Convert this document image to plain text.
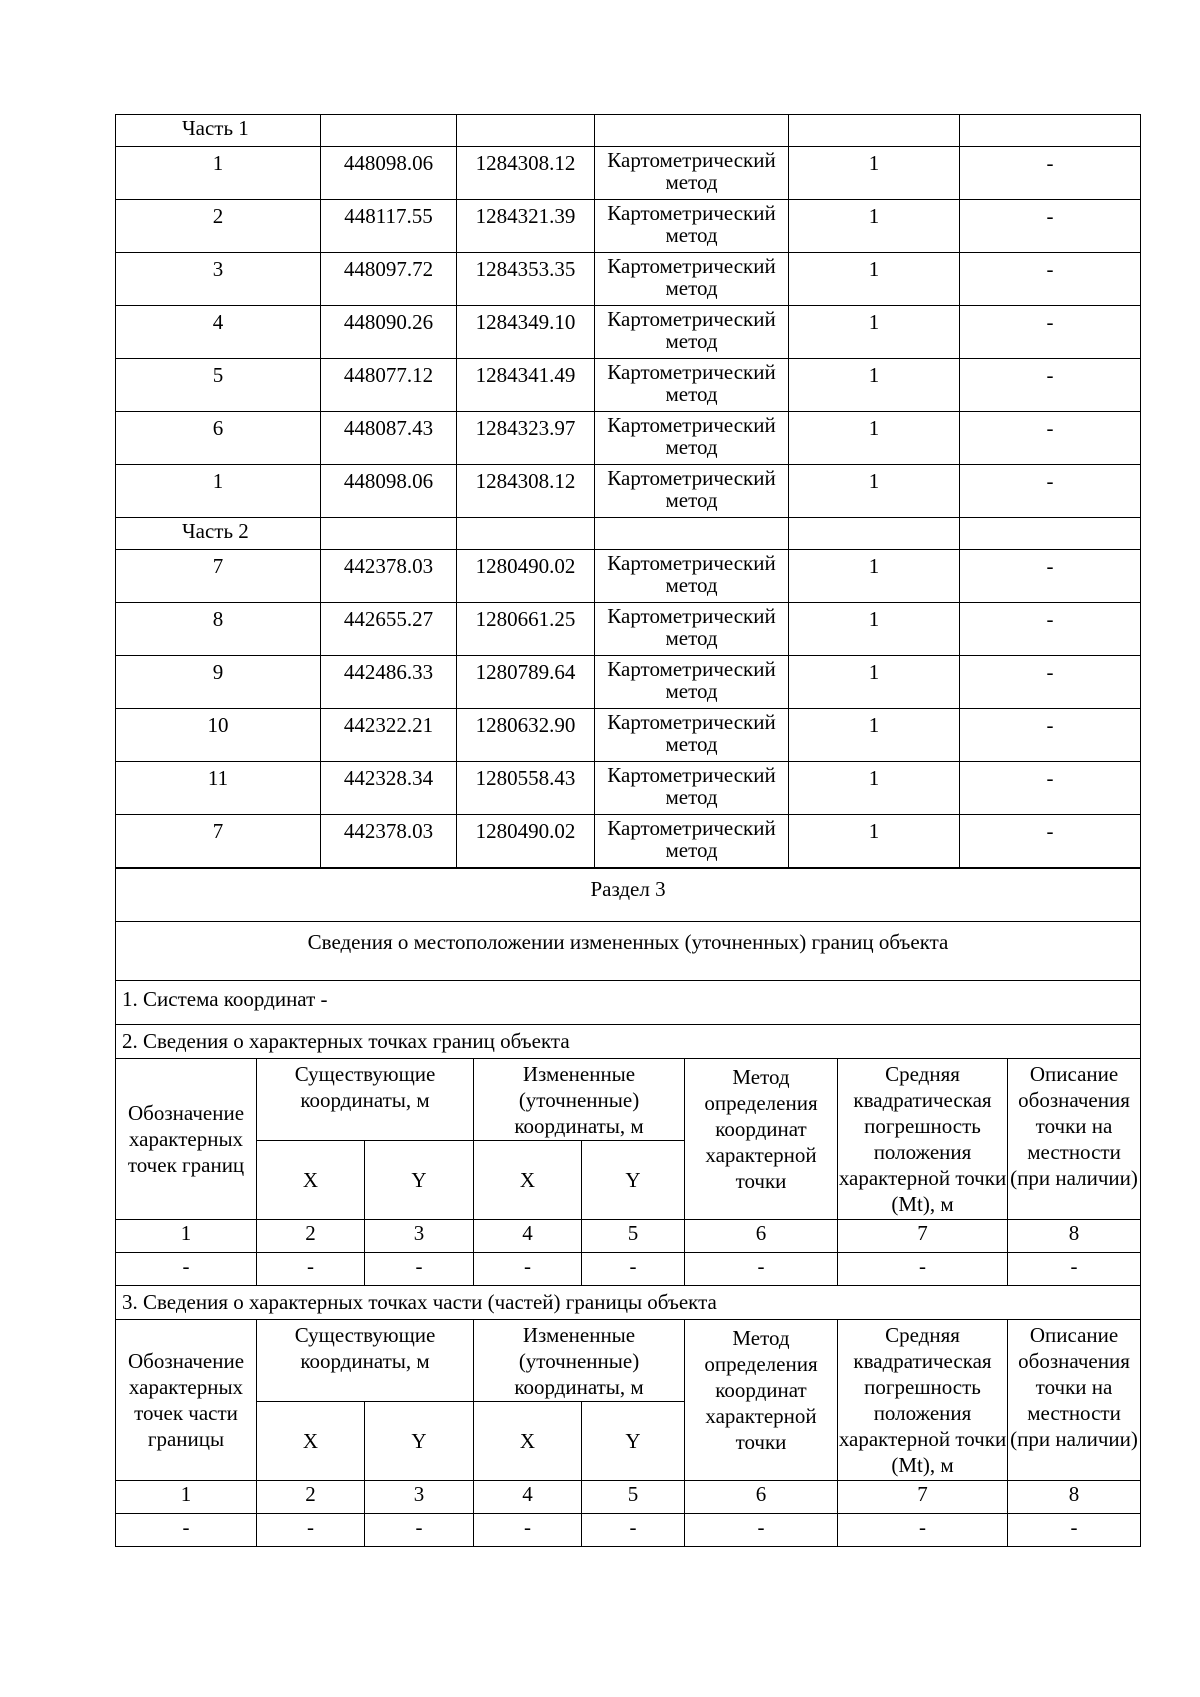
Часть 1					
1	448098.06	1284308.12	Картометрический метод	1	-
2	448117.55	1284321.39	Картометрический метод	1	-
3	448097.72	1284353.35	Картометрический метод	1	-
4	448090.26	1284349.10	Картометрический метод	1	-
5	448077.12	1284341.49	Картометрический метод	1	-
6	448087.43	1284323.97	Картометрический метод	1	-
1	448098.06	1284308.12	Картометрический метод	1	-
Часть 2					
7	442378.03	1280490.02	Картометрический метод	1	-
8	442655.27	1280661.25	Картометрический метод	1	-
9	442486.33	1280789.64	Картометрический метод	1	-
10	442322.21	1280632.90	Картометрический метод	1	-
11	442328.34	1280558.43	Картометрический метод	1	-
7	442378.03	1280490.02	Картометрический метод	1	-
Раздел 3							
Сведения о местоположении измененных (уточненных) границ объекта							
1. Система координат -							
2. Сведения о характерных точках границ объекта							
Обозначение характерных точек границ	Существующие координаты, м		Измененные (уточненные) координаты, м		Метод определения координат характерной точки	Средняя квадратическая погрешность положения характерной точки (Mt), м	Описание обозначения точки на местности (при наличии)
	X	Y	X	Y			
1	2	3	4	5	6	7	8
-	-	-	-	-	-	-	-
3. Сведения о характерных точках части (частей) границы объекта							
Обозначение характерных точек части границы	Существующие координаты, м		Измененные (уточненные) координаты, м		Метод определения координат характерной точки	Средняя квадратическая погрешность положения характерной точки (Mt), м	Описание обозначения точки на местности (при наличии)
	X	Y	X	Y			
1	2	3	4	5	6	7	8
-	-	-	-	-	-	-	-
